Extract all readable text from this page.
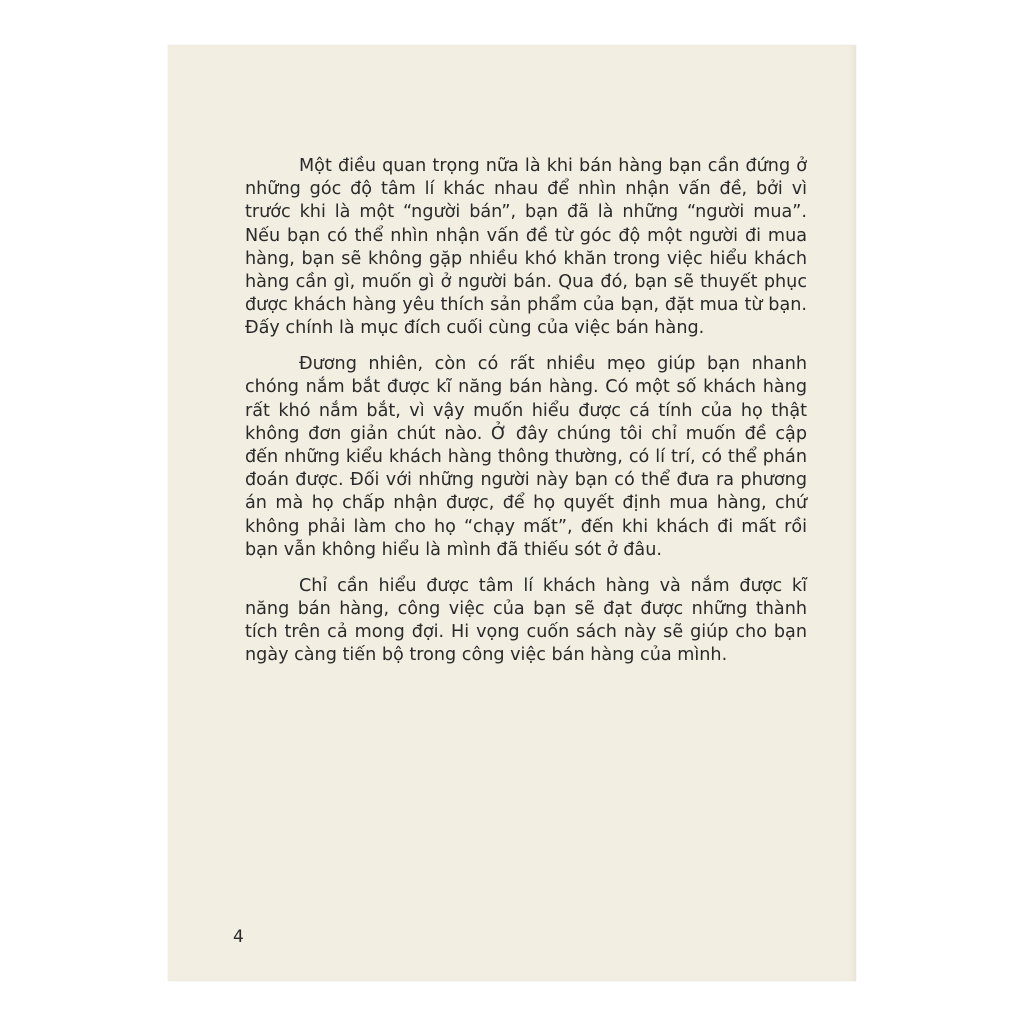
Một điều quan trọng nữa là khi bán hàng bạn cần đứng ở những góc độ tâm lí khác nhau để nhìn nhận vấn đề, bởi vì trước khi là một “người bán”, bạn đã là những “người mua”. Nếu bạn có thể nhìn nhận vấn đề từ góc độ một người đi mua hàng, bạn sẽ không gặp nhiều khó khăn trong việc hiểu khách hàng cần gì, muốn gì ở người bán. Qua đó, bạn sẽ thuyết phục được khách hàng yêu thích sản phẩm của bạn, đặt mua từ bạn. Đấy chính là mục đích cuối cùng của việc bán hàng.

Đương nhiên, còn có rất nhiều mẹo giúp bạn nhanh chóng nắm bắt được kĩ năng bán hàng. Có một số khách hàng rất khó nắm bắt, vì vậy muốn hiểu được cá tính của họ thật không đơn giản chút nào. Ở đây chúng tôi chỉ muốn đề cập đến những kiểu khách hàng thông thường, có lí trí, có thể phán đoán được. Đối với những người này bạn có thể đưa ra phương án mà họ chấp nhận được, để họ quyết định mua hàng, chứ không phải làm cho họ “chạy mất”, đến khi khách đi mất rồi bạn vẫn không hiểu là mình đã thiếu sót ở đâu.

Chỉ cần hiểu được tâm lí khách hàng và nắm được kĩ năng bán hàng, công việc của bạn sẽ đạt được những thành tích trên cả mong đợi. Hi vọng cuốn sách này sẽ giúp cho bạn ngày càng tiến bộ trong công việc bán hàng của mình.

4
